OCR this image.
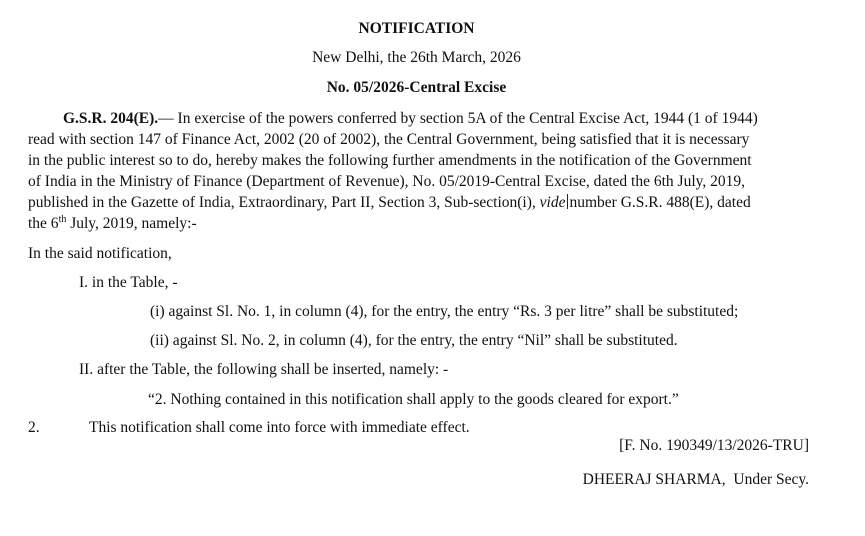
NOTIFICATION
New Delhi, the 26th March, 2026
No. 05/2026-Central Excise
G.S.R. 204(E).— In exercise of the powers conferred by section 5A of the Central Excise Act, 1944 (1 of 1944)
read with section 147 of Finance Act, 2002 (20 of 2002), the Central Government, being satisfied that it is necessary
in the public interest so to do, hereby makes the following further amendments in the notification of the Government
of India in the Ministry of Finance (Department of Revenue), No. 05/2019-Central Excise, dated the 6th July, 2019,
published in the Gazette of India, Extraordinary, Part II, Section 3, Sub-section(i), vide number G.S.R. 488(E), dated
the 6th July, 2019, namely:-
In the said notification,
I. in the Table, -
(i) against Sl. No. 1, in column (4), for the entry, the entry “Rs. 3 per litre” shall be substituted;
(ii) against Sl. No. 2, in column (4), for the entry, the entry “Nil” shall be substituted.
II. after the Table, the following shall be inserted, namely: -
“2. Nothing contained in this notification shall apply to the goods cleared for export.”
2.	This notification shall come into force with immediate effect.
[F. No. 190349/13/2026-TRU]
DHEERAJ SHARMA, Under Secy.
